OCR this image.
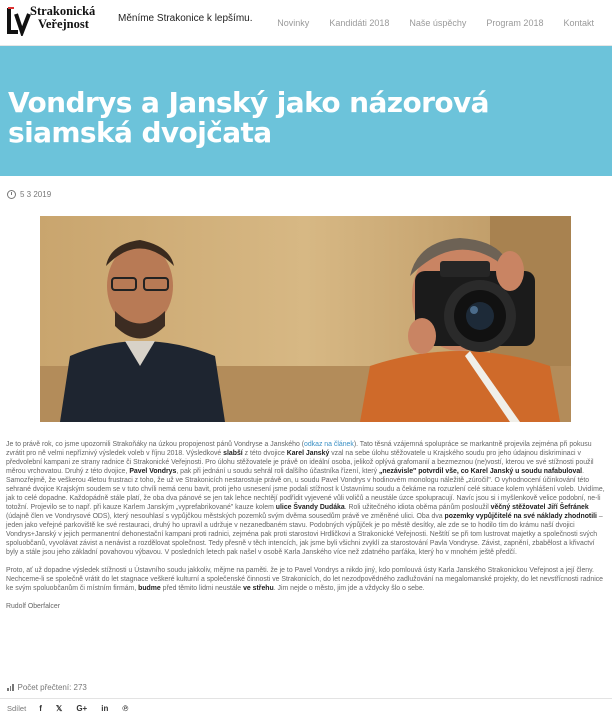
Strakonická
Veřejnost	Měníme Strakonice k lepšímu.	Novinky	Kandidáti 2018	Naše úspěchy	Program 2018	Kontakt
Vondrys a Janský jako názorová siamská dvojčata
5 3 2019

Je to právě rok, co jsme upozornili Strakoňáky na úzkou propojenost pánů Vondryse a Janského (odkaz na článek). Tato těsná vzájemná spolupráce se markantně projevila zejména při pokusu zvrátit pro ně velmi nepříznivý výsledek voleb v říjnu 2018. Výsledkové slabší z této dvojice Karel Janský vzal na sebe úlohu stěžovatele u Krajského soudu pro jeho údajnou diskriminaci v předvolební kampani ze strany radnice či Strakonické Veřejnosti. Pro úlohu stěžovatele je právě on ideální osoba, jelikož oplývá grafomanií a bezmeznou (ne)vostí, kterou ve své stížnosti použil měrou vrchovatou. Druhý z této dvojice, Pavel Vondrys, pak při jednání u soudu sehrál roli dalšího účastníka řízení, který „nezávisle" potvrdil vše, co Karel Janský u soudu nafabuloval. Samozřejmě, že veškerou 4letou frustraci z toho, že už ve Strakonicích nestarostuje právě on, u soudu Pavel Vondrys v hodinovém monologu náležitě „zúročil". O vyhodnocení účinkování této sehrané dvojice Krajským soudem se v tuto chvíli nemá cenu bavit, proti jeho usnesení jsme podali stížnost k Ústavnímu soudu a čekáme na rozuzlení celé situace kolem vyhlášení voleb. Uvidíme, jak to celé dopadne. Každopádně stále platí, že oba dva pánové se jen tak lehce nechtějí podřídit vyjevené vůli voličů a neustále úzce spolupracují. Navíc jsou si i myšlenkově velice podobní, ne-li totožní. Projevilo se to např. při kauze Karlem Janským „vyprefabrikované" kauze kolem ulice Švandy Dudáka. Roli užitečného idiota oběma pánům posloužil věčný stěžovatel Jiří Šefránek (údajně člen ve Vondrysové ODS), který nesouhlasí s vypůjčkou městských pozemků svým dvěma sousedům právě ve změněné ulici. Oba dva pozemky vypůjčitelé na své náklady zhodnotili – jeden jako veřejné parkoviště ke své restauraci, druhý ho upravil a udržuje v nezanedbaném stavu. Podobných výpůjček je po městě desítky, ale zde se to hodilo tím do krámu naší dvojici Vondrys+Janský v jejich permanentní dehonestační kampani proti radnici, zejména pak proti starostovi Hrdličkovi a Strakonické Veřejnosti. Neštítí se při tom lustrovat majetky a společnosti svých spoluobčanů, vyvolávat závist a nenávist a rozdělovat společnost. Tedy přesně v těch intencích, jak jsme byli všichni zvyklí za starostování Pavla Vondryse. Závist, zapnění, zbabělost a křivactví byly a stále jsou jeho základní povahovou výbavou. V posledních letech pak našel v osobě Karla Janského více než zdatného parťáka, který ho v mnohém ještě předčí.

Proto, ať už dopadne výsledek stížnosti u Ústavního soudu jakkoliv, mějme na paměti. že je to Pavel Vondrys a nikdo jiný, kdo pomlouvá ústy Karla Janského Strakonickou Veřejnost a její členy. Nechceme-li se společně vrátit do let stagnace veškeré kulturní a společenské činnosti ve Strakonicích, do let nezodpovědného zadlužování na megalomanské projekty, do let nevstřícnosti radnice ke svým spoluobčanům či místním firmám, budme před těmito lidmi neustále ve střehu. Jim nejde o město, jim jde a vždycky šlo o sebe.

Rudolf Oberfalcer

Počet přečtení: 273
Sdílet f 𝕏 G+ in ℗
